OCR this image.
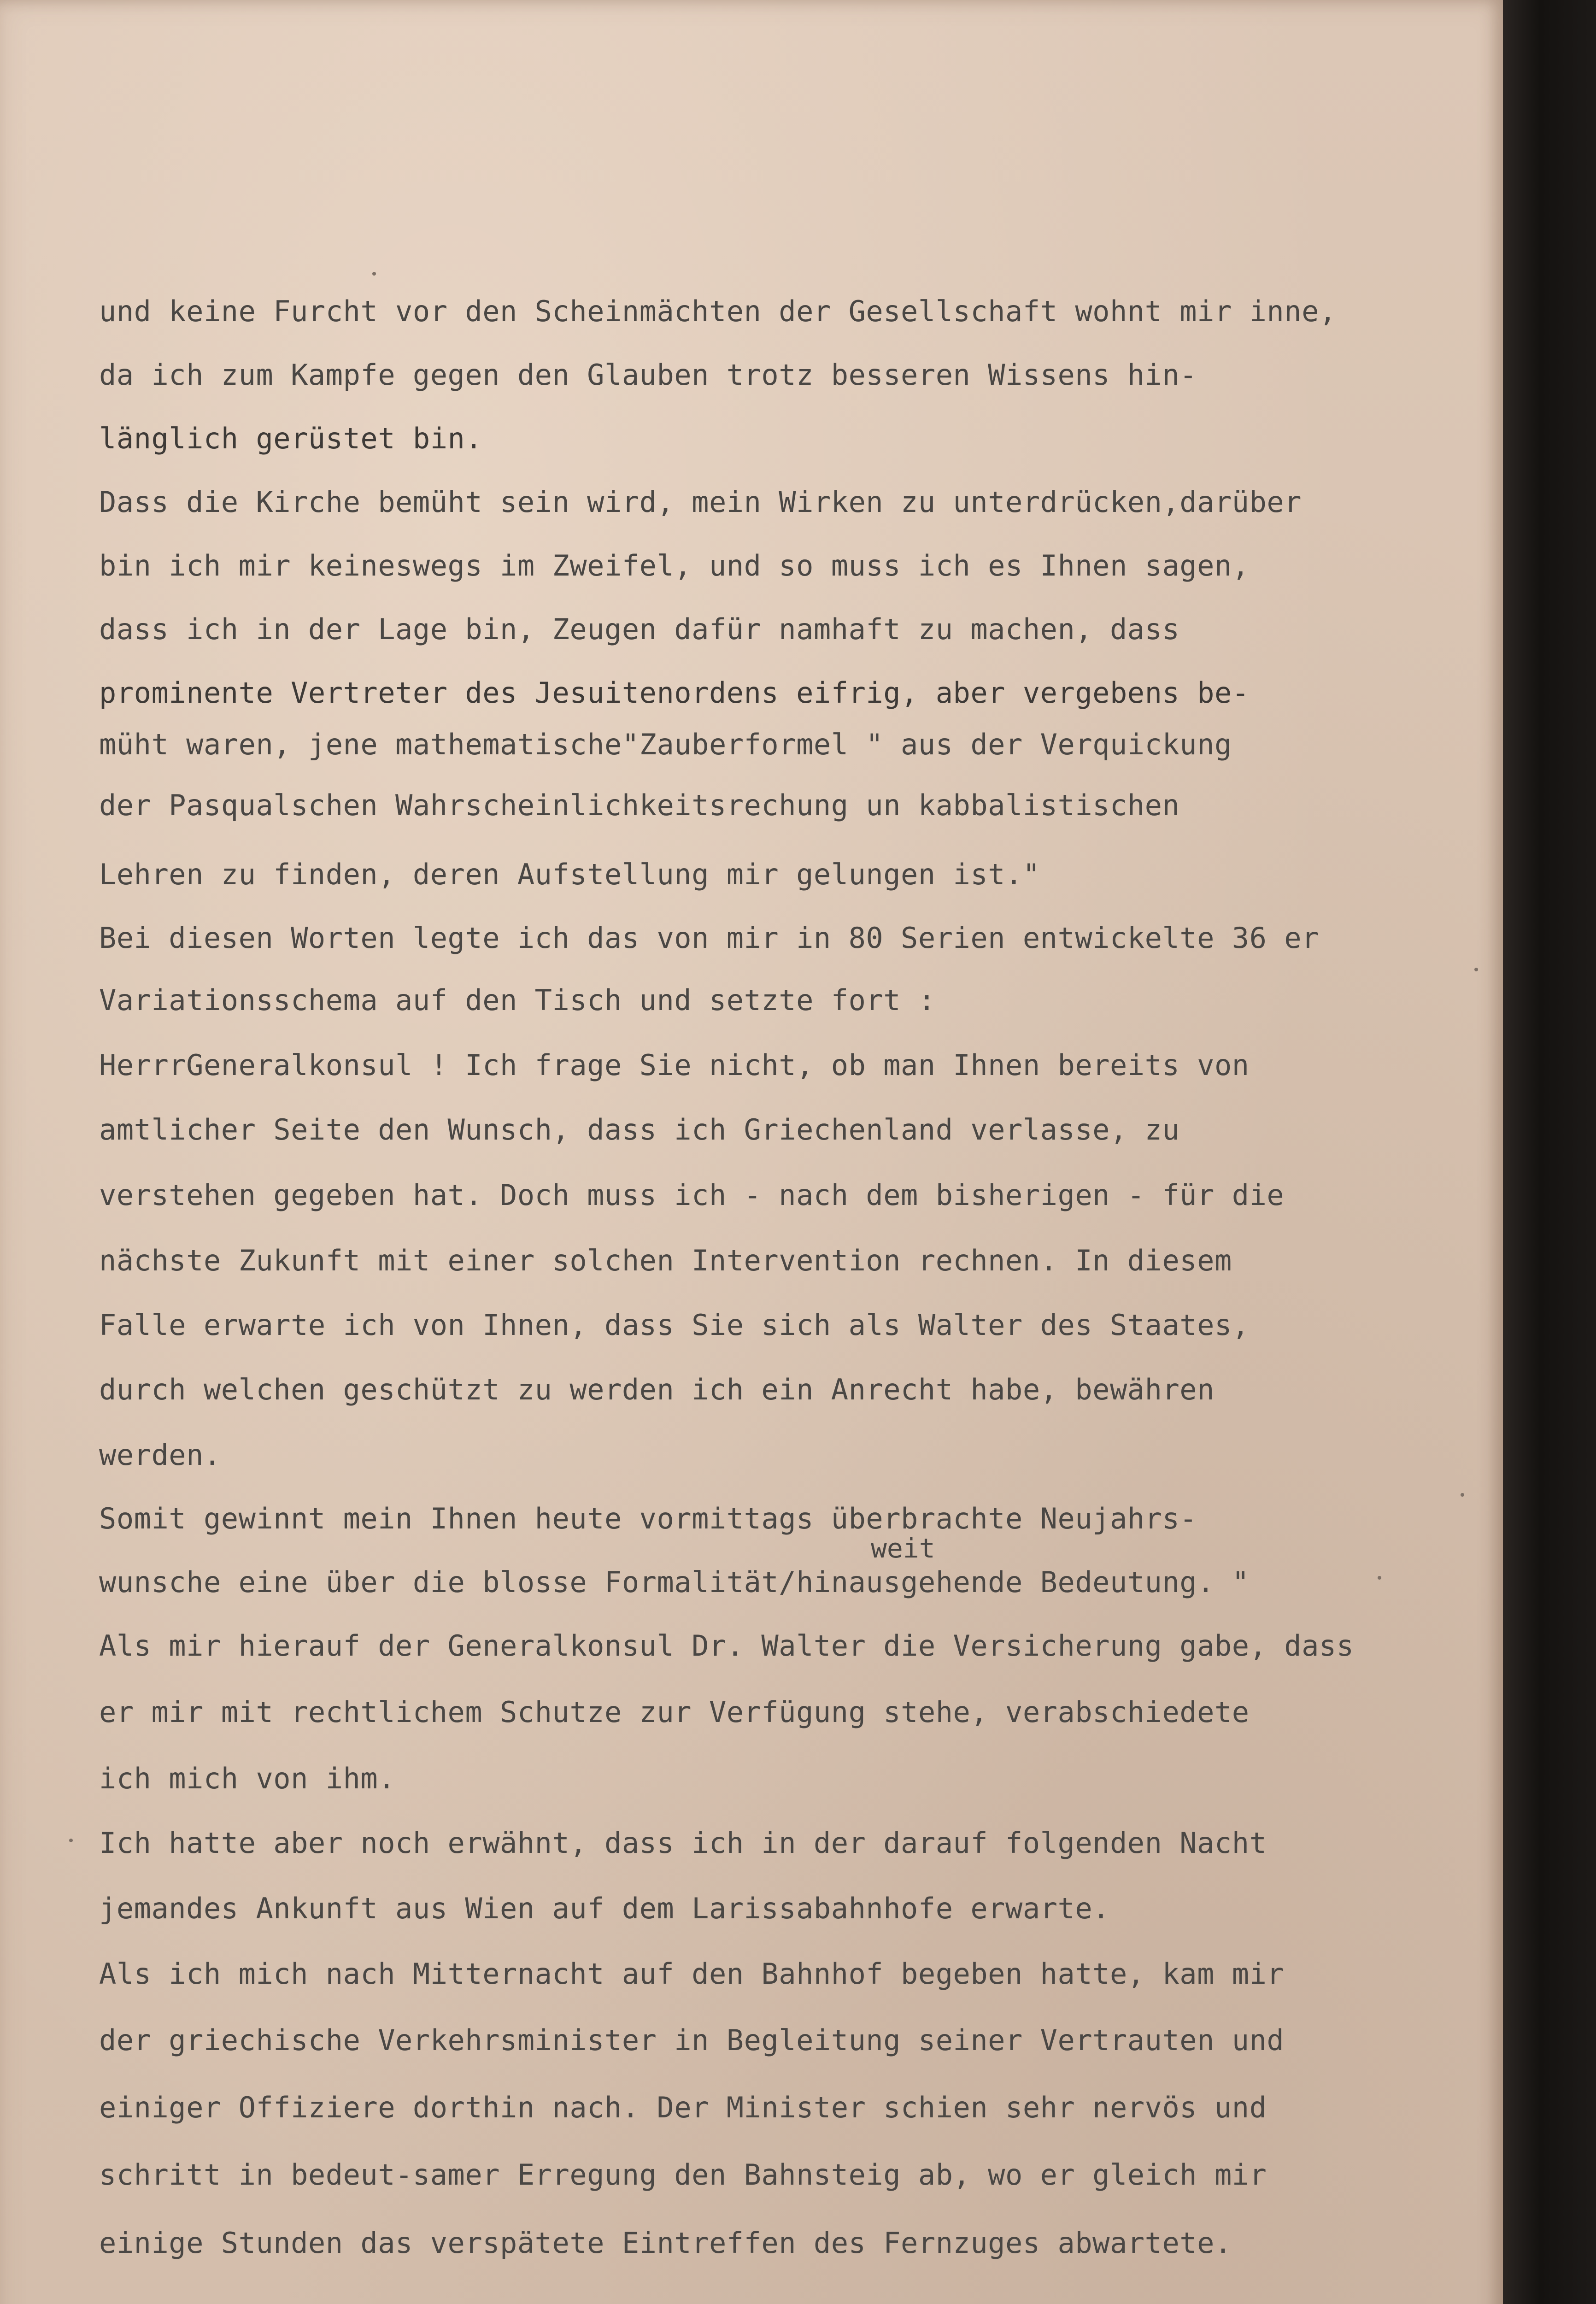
und keine Furcht vor den Scheinmächten der Gesellschaft wohnt mir inne,
da ich zum Kampfe gegen den Glauben trotz besseren Wissens hin-
länglich gerüstet bin.
Dass die Kirche bemüht sein wird, mein Wirken zu unterdrücken,darüber
bin ich mir keineswegs im Zweifel, und so muss ich es Ihnen sagen,
dass ich in der Lage bin, Zeugen dafür namhaft zu machen, dass
prominente Vertreter des Jesuitenordens eifrig, aber vergebens be-
müht waren, jene mathematische"Zauberformel " aus der Verquickung
der Pasqualschen Wahrscheinlichkeitsrechung un kabbalistischen
Lehren zu finden, deren Aufstellung mir gelungen ist."
Bei diesen Worten legte ich das von mir in 80 Serien entwickelte 36 er
Variationsschema auf den Tisch und setzte fort :
HerrrGeneralkonsul ! Ich frage Sie nicht, ob man Ihnen bereits von
amtlicher Seite den Wunsch, dass ich Griechenland verlasse, zu
verstehen gegeben hat. Doch muss ich - nach dem bisherigen - für die
nächste Zukunft mit einer solchen Intervention rechnen. In diesem
Falle erwarte ich von Ihnen, dass Sie sich als Walter des Staates,
durch welchen geschützt zu werden ich ein Anrecht habe, bewähren
werden.
Somit gewinnt mein Ihnen heute vormittags überbrachte Neujahrs-
weit
wunsche eine über die blosse Formalität/hinausgehende Bedeutung. "
Als mir hierauf der Generalkonsul Dr. Walter die Versicherung gabe, dass
er mir mit rechtlichem Schutze zur Verfügung stehe, verabschiedete
ich mich von ihm.
Ich hatte aber noch erwähnt, dass ich in der darauf folgenden Nacht
jemandes Ankunft aus Wien auf dem Larissabahnhofe erwarte.
Als ich mich nach Mitternacht auf den Bahnhof begeben hatte, kam mir
der griechische Verkehrsminister in Begleitung seiner Vertrauten und
einiger Offiziere dorthin nach. Der Minister schien sehr nervös und
schritt in bedeut-samer Erregung den Bahnsteig ab, wo er gleich mir
einige Stunden das verspätete Eintreffen des Fernzuges abwartete.
